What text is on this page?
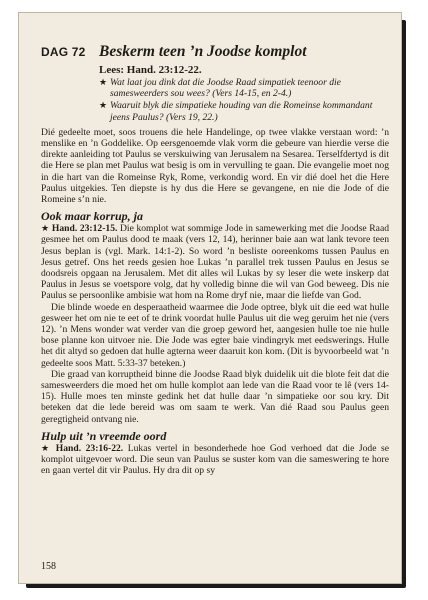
DAG 72 Beskerm teen ’n Joodse komplot
Lees: Hand. 23:12-22.
★ Wat laat jou dink dat die Joodse Raad simpatiek teenoor die samesweerders sou wees? (Vers 14-15, en 2-4.)
★ Waaruit blyk die simpatieke houding van die Romeinse kommandant jeens Paulus? (Vers 19, 22.)

Dié gedeelte moet, soos trouens die hele Handelinge, op twee vlakke verstaan word: ’n menslike en ’n Goddelike. Op eersgenoemde vlak vorm die gebeure van hierdie verse die direkte aanleiding tot Paulus se verskuiwing van Jerusalem na Sesarea. Terselfdertyd is dit die Here se plan met Paulus wat besig is om in vervulling te gaan. Die evangelie moet nog in die hart van die Romeinse Ryk, Rome, verkondig word. En vir dié doel het die Here Paulus uitgekies. Ten diepste is hy dus die Here se gevangene, en nie die Jode of die Romeine s’n nie.

Ook maar korrup, ja

★ Hand. 23:12-15. Die komplot wat sommige Jode in samewerking met die Joodse Raad gesmee het om Paulus dood te maak (vers 12, 14), herinner baie aan wat lank tevore teen Jesus beplan is (vgl. Mark. 14:1-2). So word ’n besliste ooreenkoms tussen Paulus en Jesus getref. Ons het reeds gesien hoe Lukas ’n parallel trek tussen Paulus en Jesus se doodsreis opgaan na Jerusalem. Met dit alles wil Lukas by sy leser die wete inskerp dat Paulus in Jesus se voetspore volg, dat hy volledig binne die wil van God beweeg. Dis nie Paulus se persoonlike ambisie wat hom na Rome dryf nie, maar die liefde van God.

Die blinde woede en desperaatheid waarmee die Jode optree, blyk uit die eed wat hulle gesweer het om nie te eet of te drink voordat hulle Paulus uit die weg geruim het nie (vers 12). ’n Mens wonder wat verder van die groep geword het, aangesien hulle toe nie hulle bose planne kon uitvoer nie. Die Jode was egter baie vindingryk met eedswerings. Hulle het dit altyd so gedoen dat hulle agterna weer daaruit kon kom. (Dit is byvoorbeeld wat ’n gedeelte soos Matt. 5:33-37 beteken.)

Die graad van korruptheid binne die Joodse Raad blyk duidelik uit die blote feit dat die samesweerders die moed het om hulle komplot aan lede van die Raad voor te lê (vers 14-15). Hulle moes ten minste gedink het dat hulle daar ’n simpatieke oor sou kry. Dit beteken dat die lede bereid was om saam te werk. Van dié Raad sou Paulus geen geregtigheid ontvang nie.

Hulp uit ’n vreemde oord

★ Hand. 23:16-22. Lukas vertel in besonderhede hoe God verhoed dat die Jode se komplot uitgevoer word. Die seun van Paulus se suster kom van die sameswering te hore en gaan vertel dit vir Paulus. Hy dra dit op sy

158
